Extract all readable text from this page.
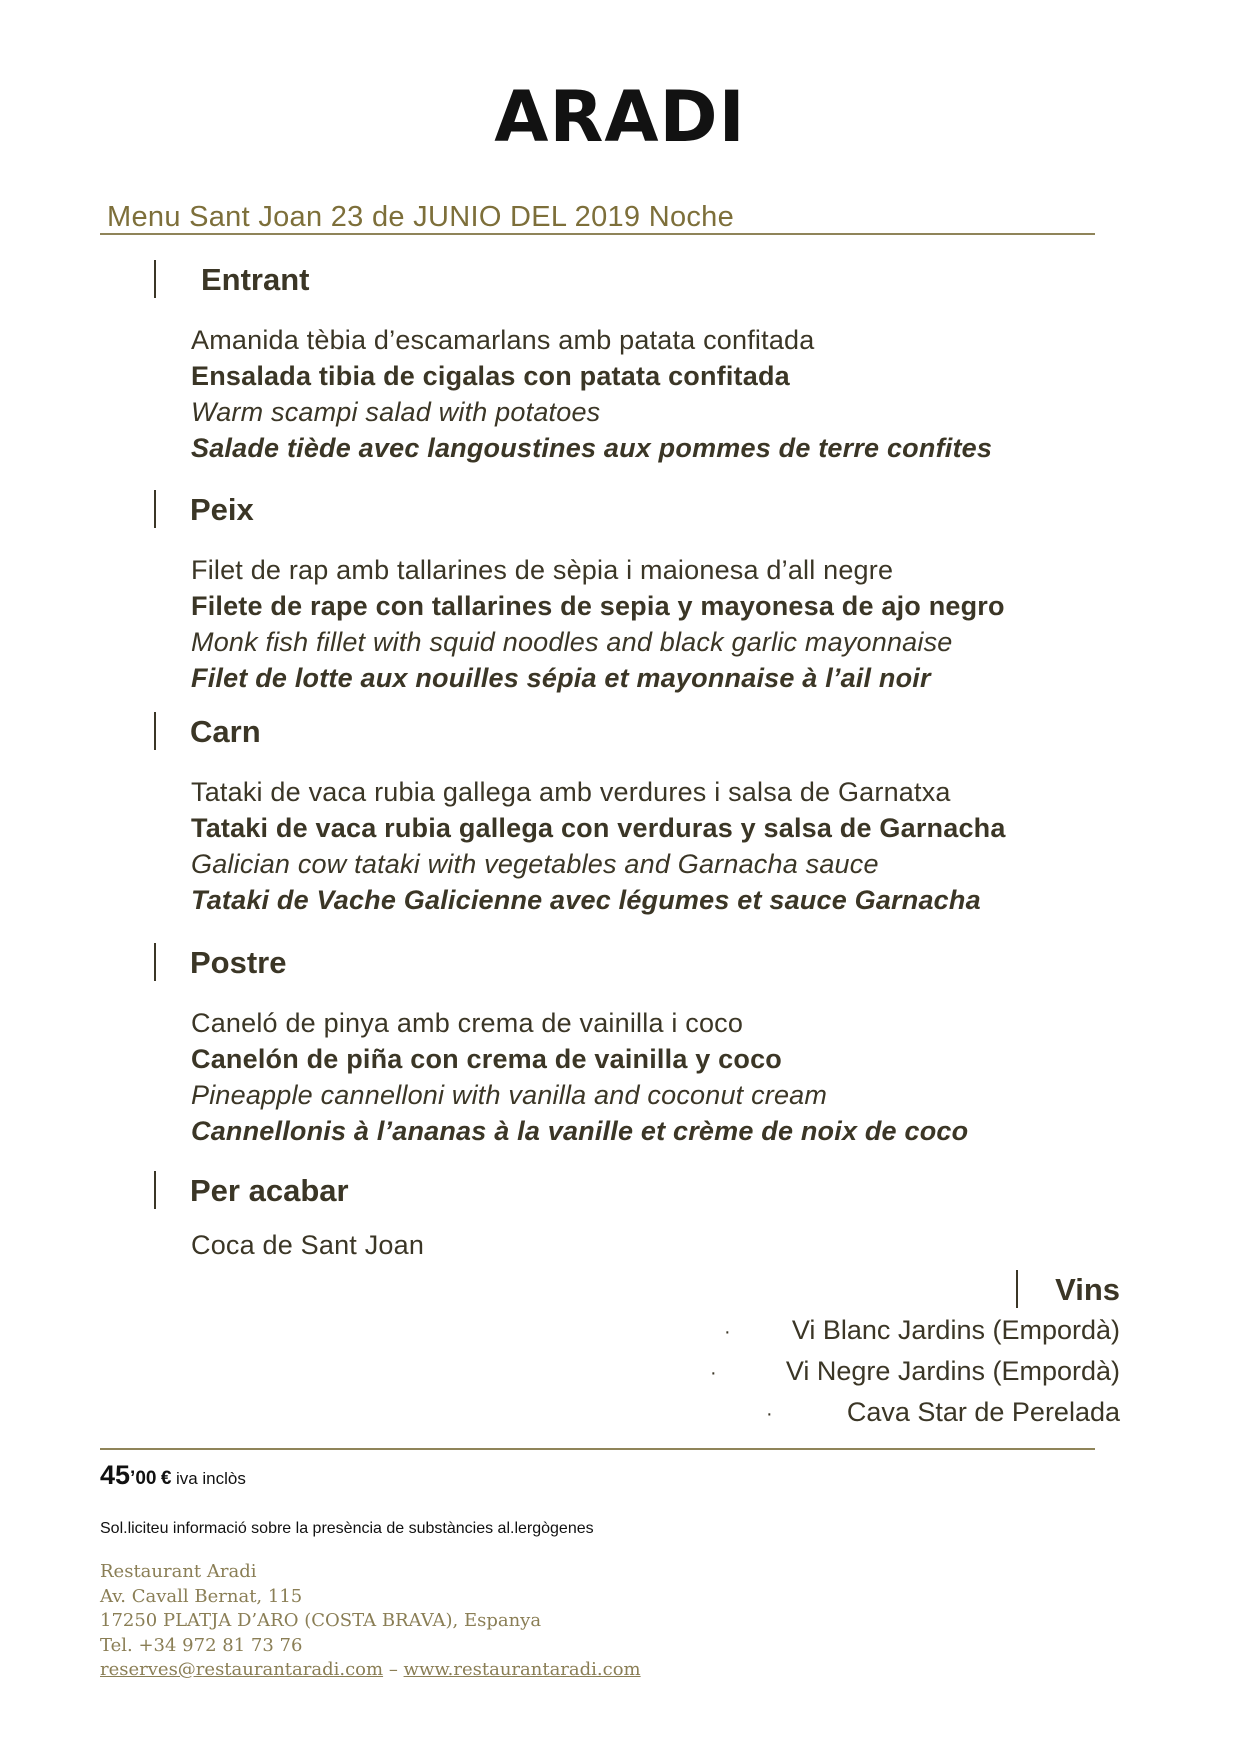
ARADI
Menu Sant Joan 23 de JUNIO DEL 2019 Noche
Entrant
Amanida tèbia d’escamarlans amb patata confitada
Ensalada tibia de cigalas con patata confitada
Warm scampi salad with potatoes
Salade tiède avec langoustines aux pommes de terre confites
Peix
Filet de rap amb tallarines de sèpia i maionesa d’all negre
Filete de rape con tallarines de sepia y mayonesa de ajo negro
Monk fish fillet with squid noodles and black garlic mayonnaise
Filet de lotte aux nouilles sépia et mayonnaise à l’ail noir
Carn
Tataki de vaca rubia gallega amb verdures i salsa de Garnatxa
Tataki de vaca rubia gallega con verduras y salsa de Garnacha
Galician cow tataki with vegetables and Garnacha sauce
Tataki de Vache Galicienne avec légumes et sauce Garnacha
Postre
Caneló de pinya amb crema de vainilla i coco
Canelón de piña con crema de vainilla y coco
Pineapple cannelloni with vanilla and coconut cream
Cannellonis à l’ananas à la vanille et crème de noix de coco
Per acabar
Coca de Sant Joan
Vins
· Vi Blanc Jardins (Empordà)
·	Vi Negre Jardins (Empordà)
·	Cava Star de Perelada
45’00 € iva inclòs
Sol.liciteu informació sobre la presència de substàncies al.lergògenes
Restaurant Aradi
Av. Cavall Bernat, 115
17250 PLATJA D’ARO (COSTA BRAVA), Espanya
Tel. +34 972 81 73 76
reserves@restaurantaradi.com – www.restaurantaradi.com
